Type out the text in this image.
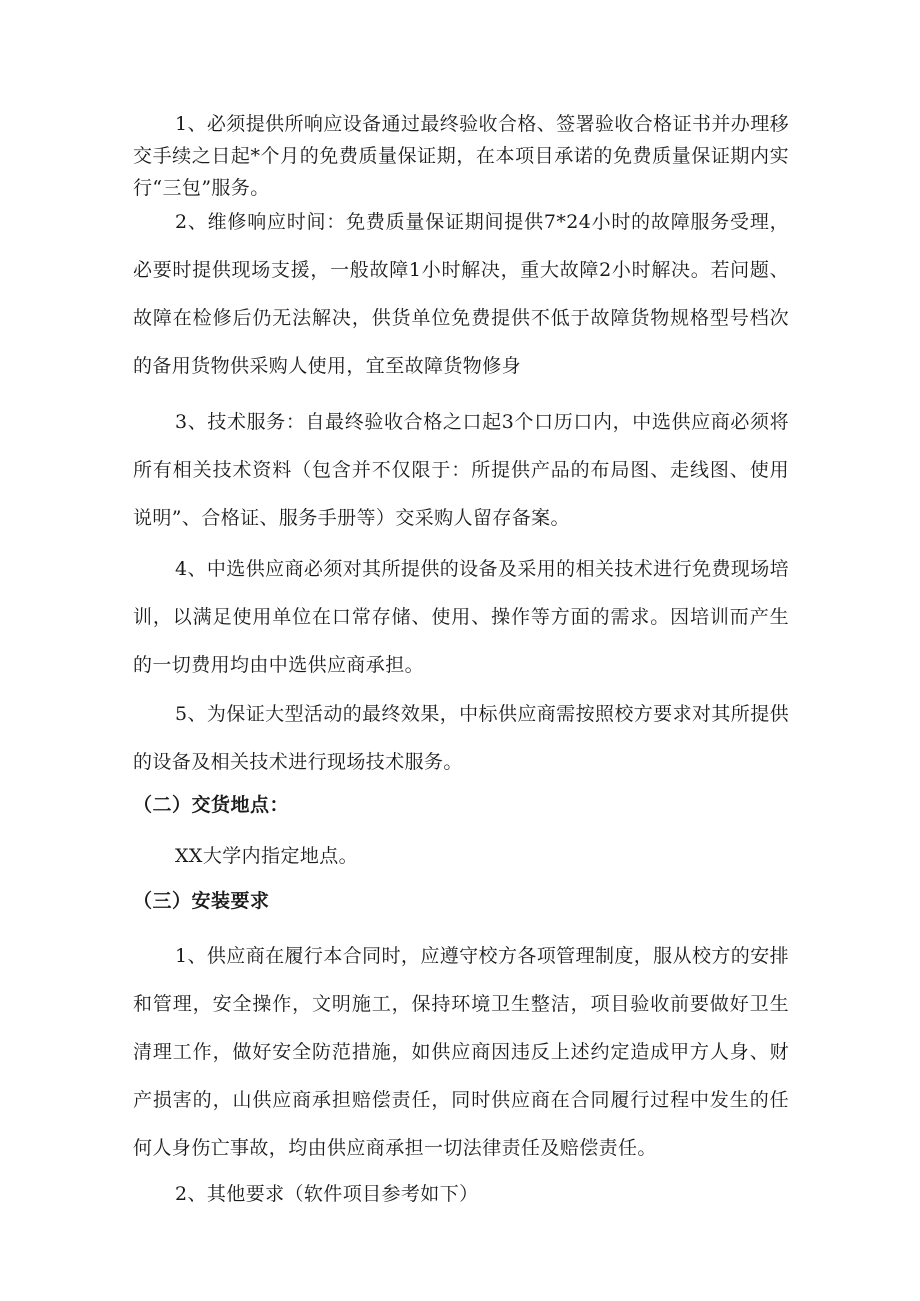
1、必须提供所响应设备通过最终验收合格、签署验收合格证书并办理移交手续之日起*个月的免费质量保证期，在本项目承诺的免费质量保证期内实行“三包”服务。

2、维修响应时间：免费质量保证期间提供7*24小时的故障服务受理，必要时提供现场支援，一般故障1小时解决，重大故障2小时解决。若问题、故障在检修后仍无法解决，供货单位免费提供不低于故障货物规格型号档次的备用货物供采购人使用，宜至故障货物修身

3、技术服务：自最终验收合格之口起3个口历口内，中选供应商必须将所有相关技术资料（包含并不仅限于：所提供产品的布局图、走线图、使用说明”、合格证、服务手册等）交采购人留存备案。

4、中选供应商必须对其所提供的设备及采用的相关技术进行免费现场培训，以满足使用单位在口常存储、使用、操作等方面的需求。因培训而产生的一切费用均由中选供应商承担。

5、为保证大型活动的最终效果，中标供应商需按照校方要求对其所提供的设备及相关技术进行现场技术服务。

（二）交货地点：

XX大学内指定地点。

（三）安装要求

1、供应商在履行本合同时，应遵守校方各项管理制度，服从校方的安排和管理，安全操作，文明施工，保持环境卫生整洁，项目验收前要做好卫生清理工作，做好安全防范措施，如供应商因违反上述约定造成甲方人身、财产损害的，山供应商承担赔偿责任，同时供应商在合同履行过程中发生的任何人身伤亡事故，均由供应商承担一切法律责任及赔偿责任。

2、其他要求（软件项目参考如下）
